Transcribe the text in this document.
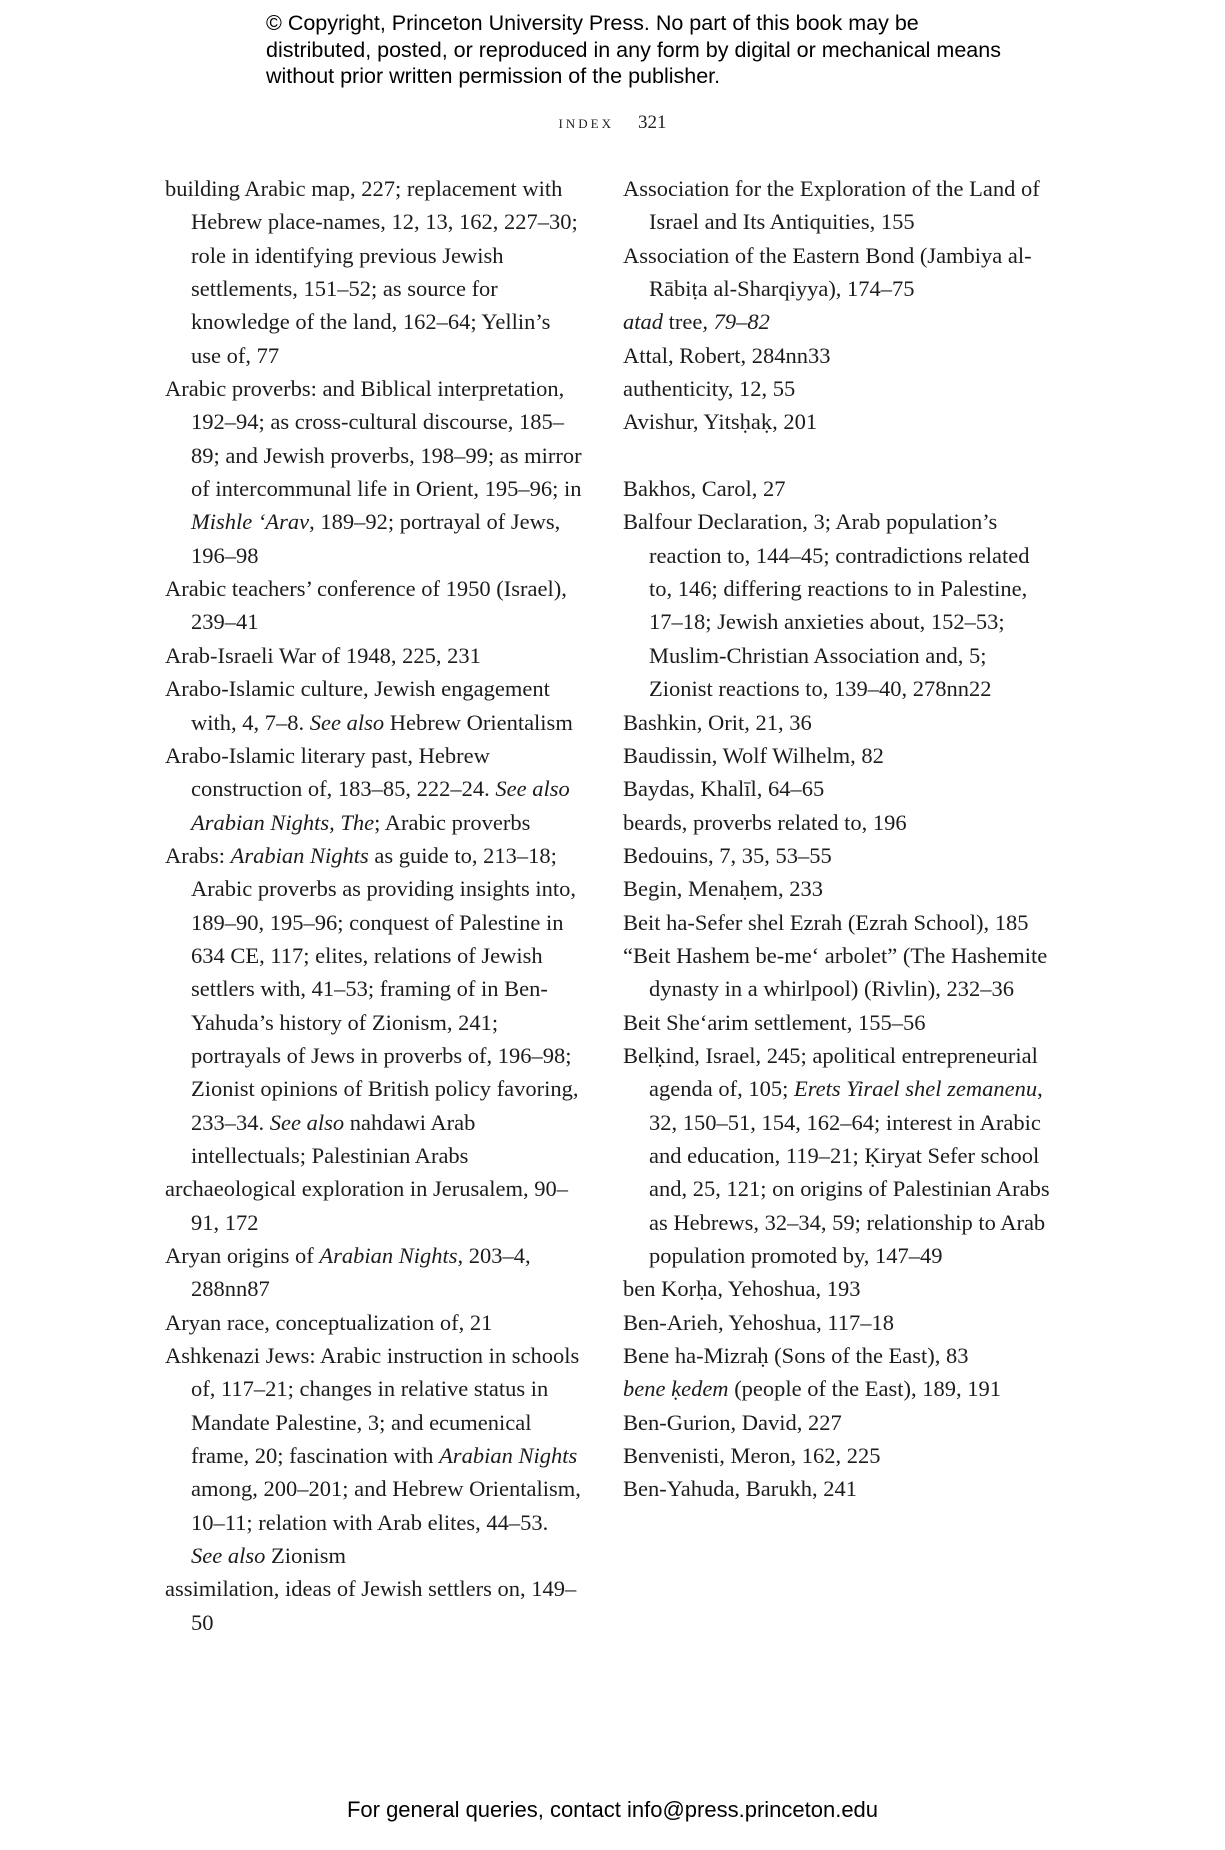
© Copyright, Princeton University Press. No part of this book may be distributed, posted, or reproduced in any form by digital or mechanical means without prior written permission of the publisher.

index 321

building Arabic map, 227; replacement with Hebrew place-names, 12, 13, 162, 227–30; role in identifying previous Jewish settlements, 151–52; as source for knowledge of the land, 162–64; Yellin’s use of, 77

Arabic proverbs: and Biblical interpretation, 192–94; as cross-cultural discourse, 185–89; and Jewish proverbs, 198–99; as mirror of intercommunal life in Orient, 195–96; in Mishle ‘Arav, 189–92; portrayal of Jews, 196–98

Arabic teachers’ conference of 1950 (Israel), 239–41

Arab-Israeli War of 1948, 225, 231

Arabo-Islamic culture, Jewish engagement with, 4, 7–8. See also Hebrew Orientalism

Arabo-Islamic literary past, Hebrew construction of, 183–85, 222–24. See also Arabian Nights, The; Arabic proverbs

Arabs: Arabian Nights as guide to, 213–18; Arabic proverbs as providing insights into, 189–90, 195–96; conquest of Palestine in 634 CE, 117; elites, relations of Jewish settlers with, 41–53; framing of in Ben-Yahuda’s history of Zionism, 241; portrayals of Jews in proverbs of, 196–98; Zionist opinions of British policy favoring, 233–34. See also nahdawi Arab intellectuals; Palestinian Arabs

archaeological exploration in Jerusalem, 90–91, 172

Aryan origins of Arabian Nights, 203–4, 288nn87

Aryan race, conceptualization of, 21

Ashkenazi Jews: Arabic instruction in schools of, 117–21; changes in relative status in Mandate Palestine, 3; and ecumenical frame, 20; fascination with Arabian Nights among, 200–201; and Hebrew Orientalism, 10–11; relation with Arab elites, 44–53. See also Zionism

assimilation, ideas of Jewish settlers on, 149–50

Association for the Exploration of the Land of Israel and Its Antiquities, 155

Association of the Eastern Bond (Jambiya al-Rābiṭa al-Sharqiyya), 174–75

atad tree, 79–82

Attal, Robert, 284nn33

authenticity, 12, 55

Avishur, Yitsḥaḳ, 201

Bakhos, Carol, 27

Balfour Declaration, 3; Arab population’s reaction to, 144–45; contradictions related to, 146; differing reactions to in Palestine, 17–18; Jewish anxieties about, 152–53; Muslim-Christian Association and, 5; Zionist reactions to, 139–40, 278nn22

Bashkin, Orit, 21, 36

Baudissin, Wolf Wilhelm, 82

Baydas, Khalīl, 64–65

beards, proverbs related to, 196

Bedouins, 7, 35, 53–55

Begin, Menaḥem, 233

Beit ha-Sefer shel Ezrah (Ezrah School), 185

“Beit Hashem be-me‘ arbolet” (The Hashemite dynasty in a whirlpool) (Rivlin), 232–36

Beit She‘arim settlement, 155–56

Belḳind, Israel, 245; apolitical entrepreneurial agenda of, 105; Erets Yirael shel zemanenu, 32, 150–51, 154, 162–64; interest in Arabic and education, 119–21; Ḳiryat Sefer school and, 25, 121; on origins of Palestinian Arabs as Hebrews, 32–34, 59; relationship to Arab population promoted by, 147–49

ben Korḥa, Yehoshua, 193

Ben-Arieh, Yehoshua, 117–18

Bene ha-Mizraḥ (Sons of the East), 83

bene ḳedem (people of the East), 189, 191

Ben-Gurion, David, 227

Benvenisti, Meron, 162, 225

Ben-Yahuda, Barukh, 241

For general queries, contact info@press.princeton.edu
